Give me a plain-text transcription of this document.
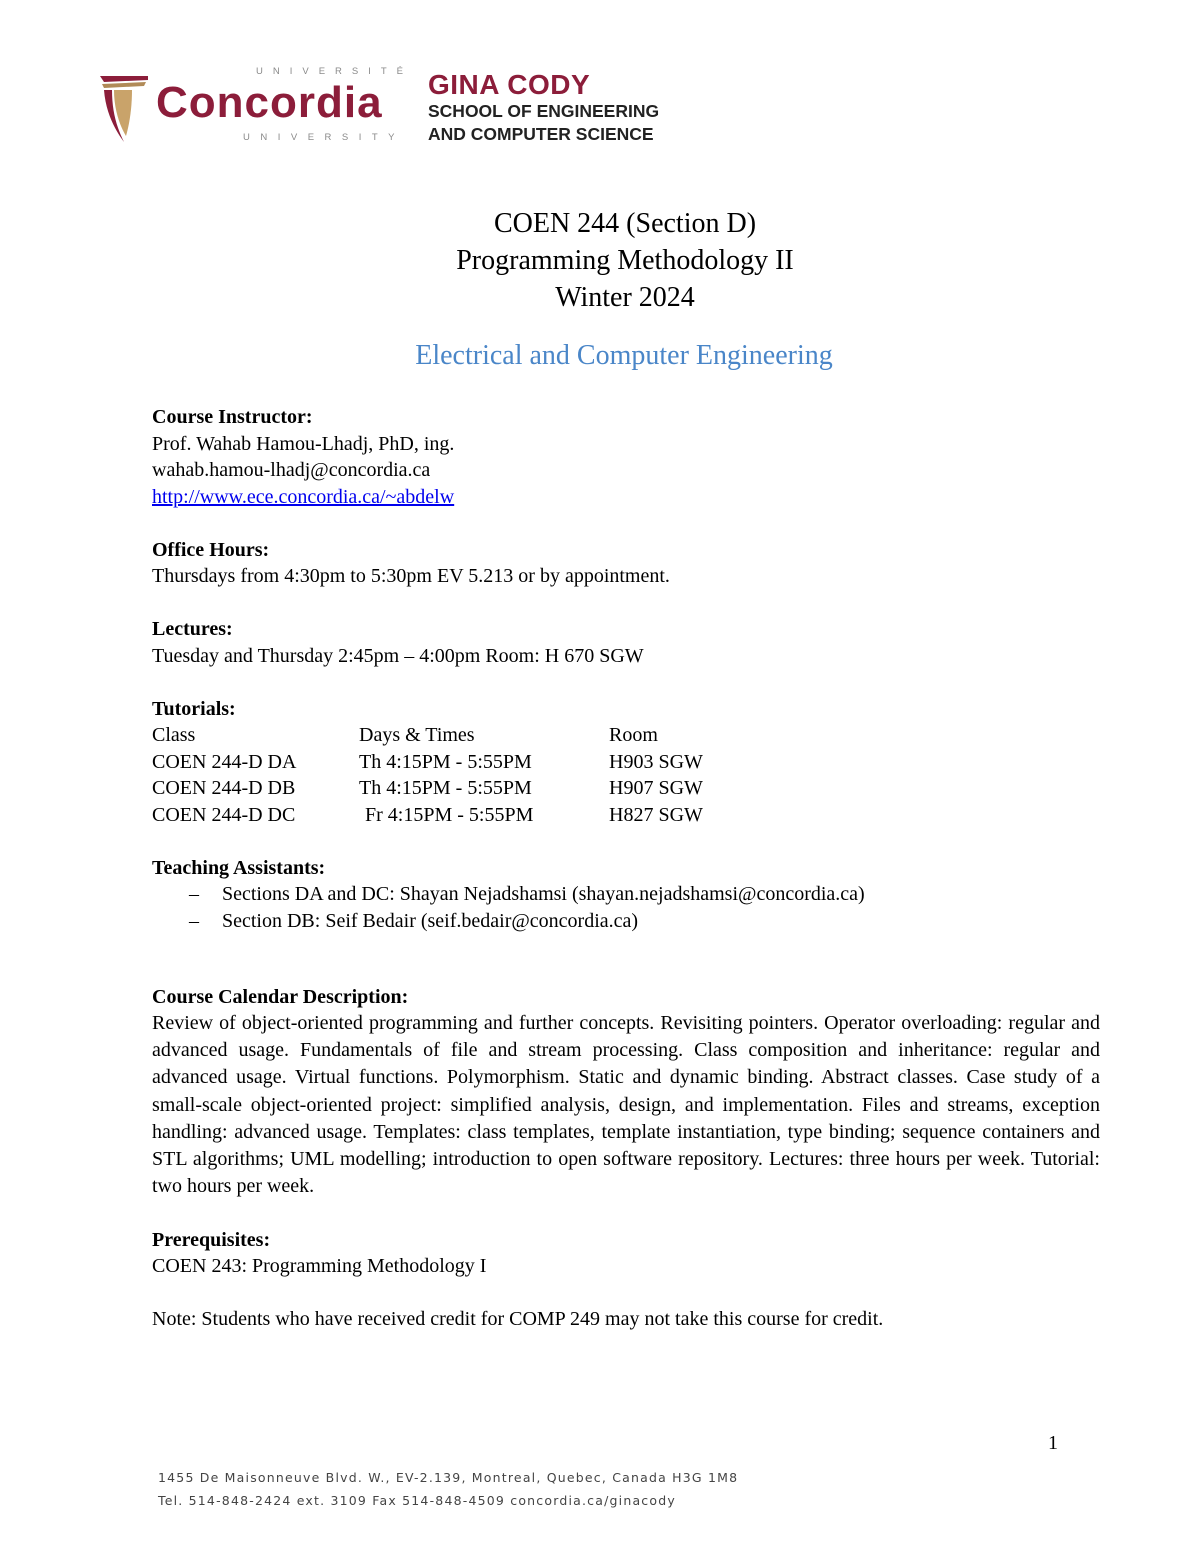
UNIVERSITÉ
Concordia
UNIVERSITY
GINA CODY
SCHOOL OF ENGINEERING
AND COMPUTER SCIENCE
COEN 244 (Section D)
Programming Methodology II
Winter 2024
Electrical and Computer Engineering
Course Instructor:
Prof. Wahab Hamou-Lhadj, PhD, ing.
wahab.hamou-lhadj@concordia.ca
http://www.ece.concordia.ca/~abdelw
Office Hours:
Thursdays from 4:30pm to 5:30pm EV 5.213 or by appointment.
Lectures:
Tuesday and Thursday 2:45pm – 4:00pm Room: H 670 SGW
Tutorials:
Class	Days & Times	Room
COEN 244-D DA	Th 4:15PM - 5:55PM	H903 SGW
COEN 244-D DB	Th 4:15PM - 5:55PM	H907 SGW
COEN 244-D DC	Fr 4:15PM - 5:55PM	H827 SGW
Teaching Assistants:
– Sections DA and DC: Shayan Nejadshamsi (shayan.nejadshamsi@concordia.ca)
– Section DB: Seif Bedair (seif.bedair@concordia.ca)
Course Calendar Description:
Review of object-oriented programming and further concepts. Revisiting pointers. Operator overloading: regular and advanced usage. Fundamentals of file and stream processing. Class composition and inheritance: regular and advanced usage. Virtual functions. Polymorphism. Static and dynamic binding. Abstract classes. Case study of a small-scale object-oriented project: simplified analysis, design, and implementation. Files and streams, exception handling: advanced usage. Templates: class templates, template instantiation, type binding; sequence containers and STL algorithms; UML modelling; introduction to open software repository. Lectures: three hours per week. Tutorial: two hours per week.
Prerequisites:
COEN 243: Programming Methodology I
Note: Students who have received credit for COMP 249 may not take this course for credit.
1
1455 De Maisonneuve Blvd. W., EV-2.139, Montreal, Quebec, Canada H3G 1M8
Tel. 514-848-2424 ext. 3109 Fax 514-848-4509 concordia.ca/ginacody
